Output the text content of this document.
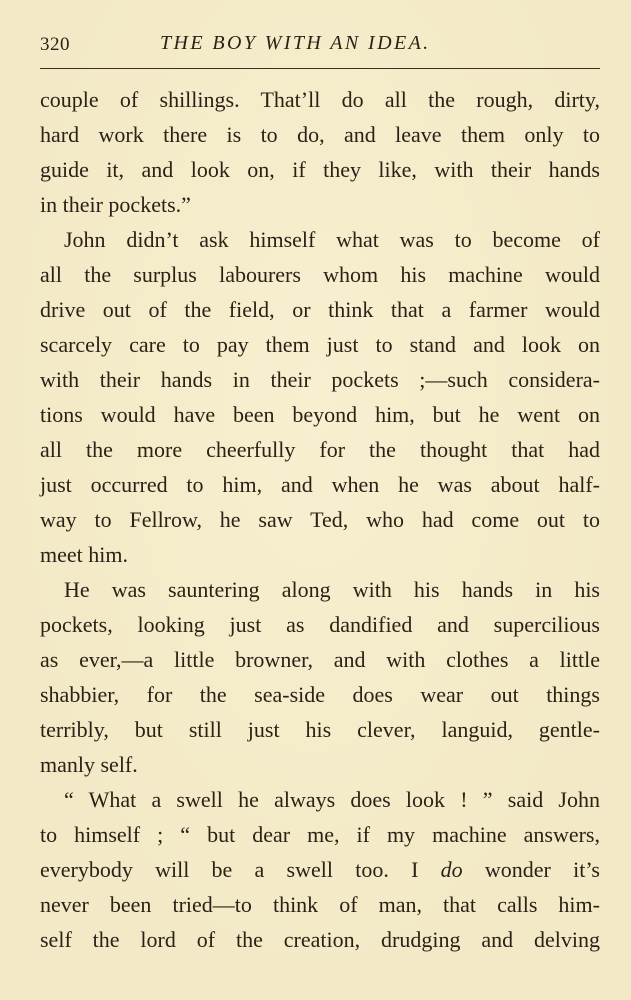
320	THE BOY WITH AN IDEA.
couple of shillings. That’ll do all the rough, dirty,
hard work there is to do, and leave them only to
guide it, and look on, if they like, with their hands
in their pockets.”
John didn’t ask himself what was to become of
all the surplus labourers whom his machine would
drive out of the field, or think that a farmer would
scarcely care to pay them just to stand and look on
with their hands in their pockets ;—such considera-
tions would have been beyond him, but he went on
all the more cheerfully for the thought that had
just occurred to him, and when he was about half-
way to Fellrow, he saw Ted, who had come out to
meet him.
He was sauntering along with his hands in his
pockets, looking just as dandified and supercilious
as ever,—a little browner, and with clothes a little
shabbier, for the sea-side does wear out things
terribly, but still just his clever, languid, gentle-
manly self.
“ What a swell he always does look ! ” said John
to himself ; “ but dear me, if my machine answers,
everybody will be a swell too. I do wonder it’s
never been tried—to think of man, that calls him-
self the lord of the creation, drudging and delving
